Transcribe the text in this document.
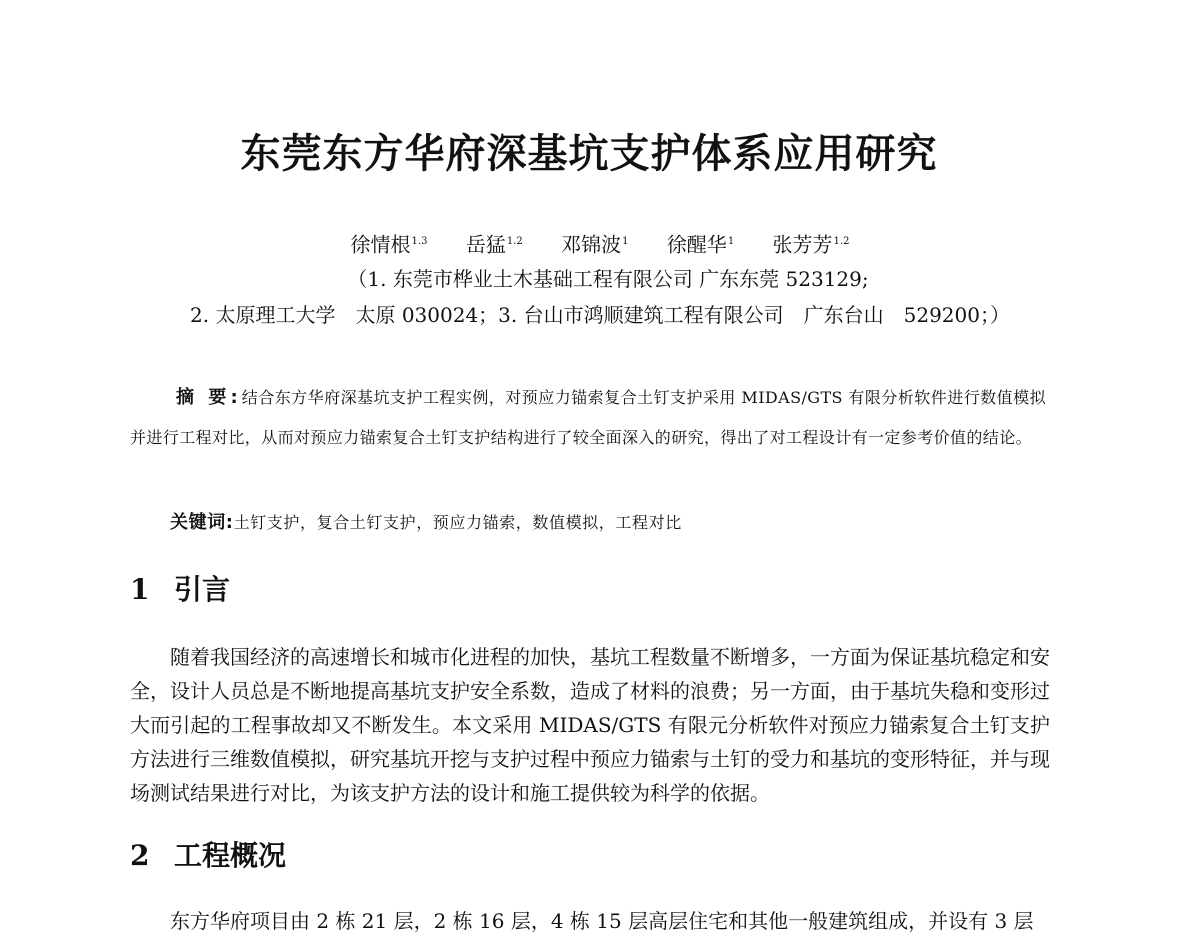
东莞东方华府深基坑支护体系应用研究
徐情根$^{1.3}$ 岳猛$^{1.2}$ 邓锦波$^1$ 徐醒华$^1$ 张芳芳$^{1.2}$
（1. 东莞市桦业土木基础工程有限公司 广东东莞 523129;
2. 太原理工大学　太原 030024；3. 台山市鸿顺建筑工程有限公司　广东台山　529200；）
摘 要:结合东方华府深基坑支护工程实例，对预应力锚索复合土钉支护采用 MIDAS/GTS 有限分析软件进行数值模拟并进行工程对比，从而对预应力锚索复合土钉支护结构进行了较全面深入的研究，得出了对工程设计有一定参考价值的结论。
关键词:土钉支护，复合土钉支护，预应力锚索，数值模拟，工程对比
1 引言
随着我国经济的高速增长和城市化进程的加快，基坑工程数量不断增多，一方面为保证基坑稳定和安全，设计人员总是不断地提高基坑支护安全系数，造成了材料的浪费；另一方面，由于基坑失稳和变形过大而引起的工程事故却又不断发生。本文采用 MIDAS/GTS 有限元分析软件对预应力锚索复合土钉支护方法进行三维数值模拟，研究基坑开挖与支护过程中预应力锚索与土钉的受力和基坑的变形特征，并与现场测试结果进行对比，为该支护方法的设计和施工提供较为科学的依据。
2 工程概况
东方华府项目由 2 栋 21 层，2 栋 16 层，4 栋 15 层高层住宅和其他一般建筑组成，并设有 3 层
